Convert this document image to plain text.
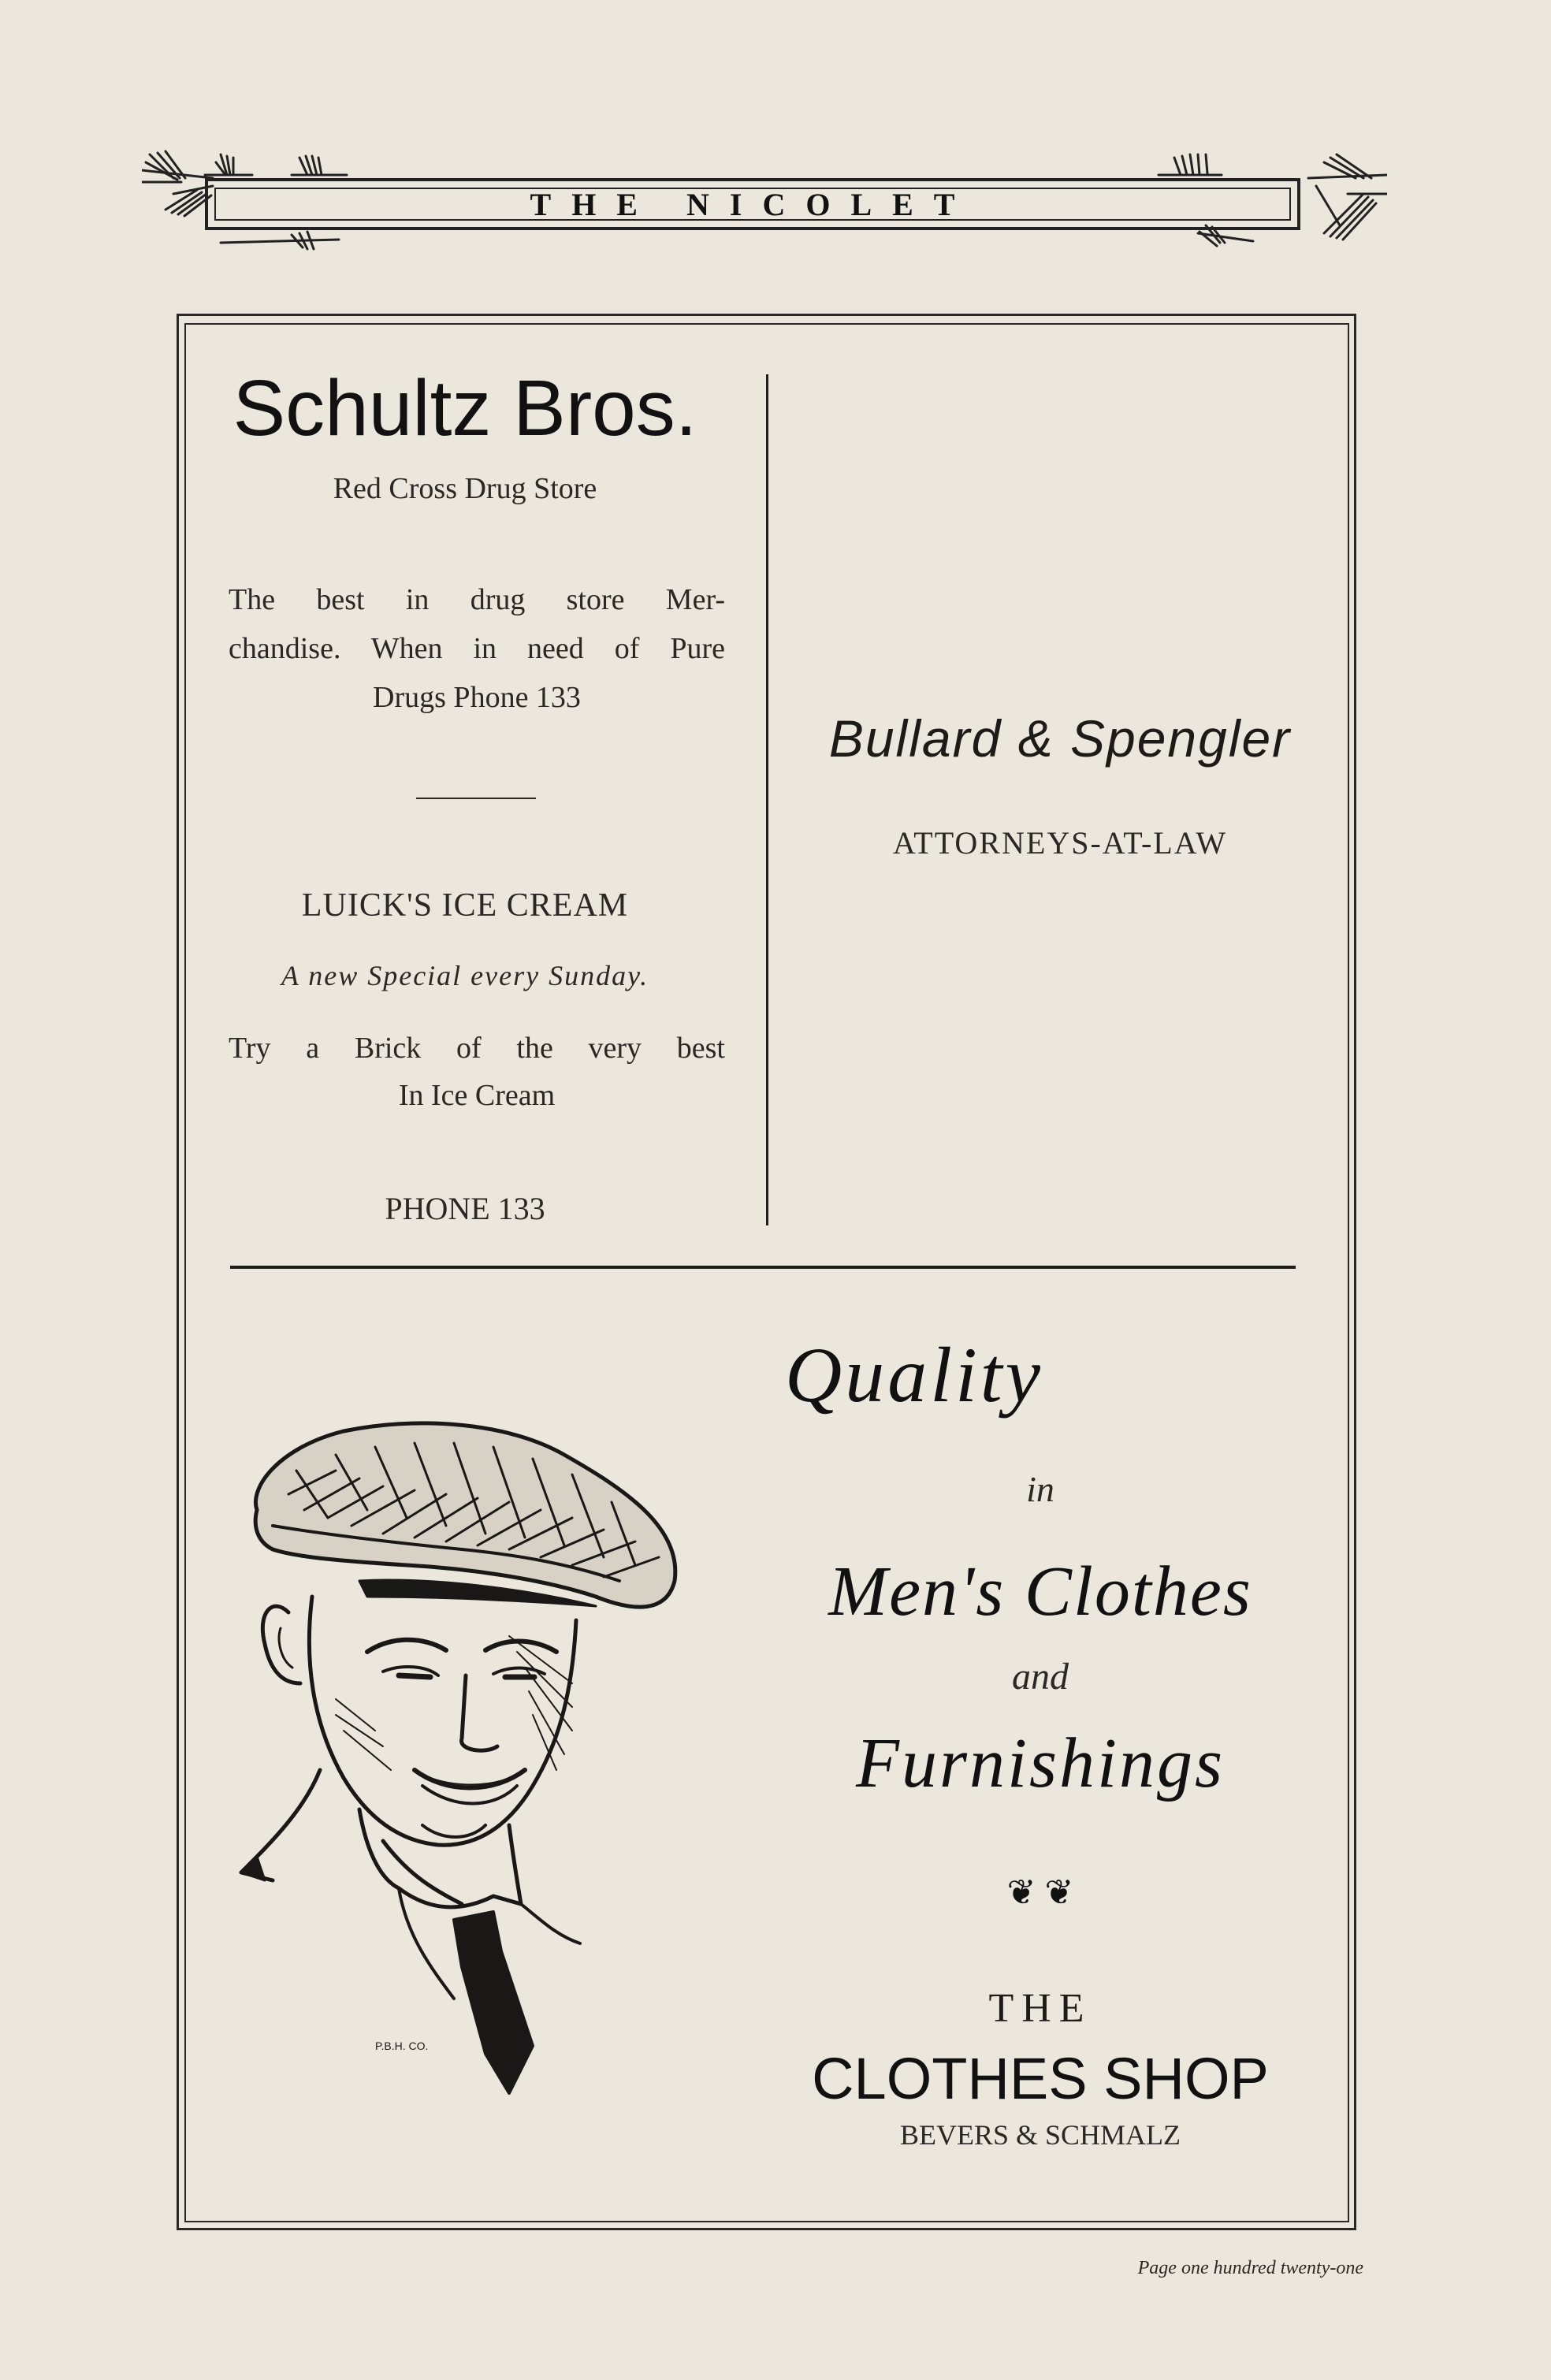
THE NICOLET
Schultz Bros.
Red Cross Drug Store
The best in drug store Mer-
chandise. When in need of Pure
Drugs Phone 133
LUICK'S ICE CREAM
A new Special every Sunday.
Try a Brick of the very best
In Ice Cream
PHONE 133
Bullard & Spengler
ATTORNEYS-AT-LAW
P.B.H. CO.
Quality
in
Men's Clothes
and
Furnishings
❦ ❦
THE
CLOTHES SHOP
BEVERS & SCHMALZ
Page one hundred twenty-one
